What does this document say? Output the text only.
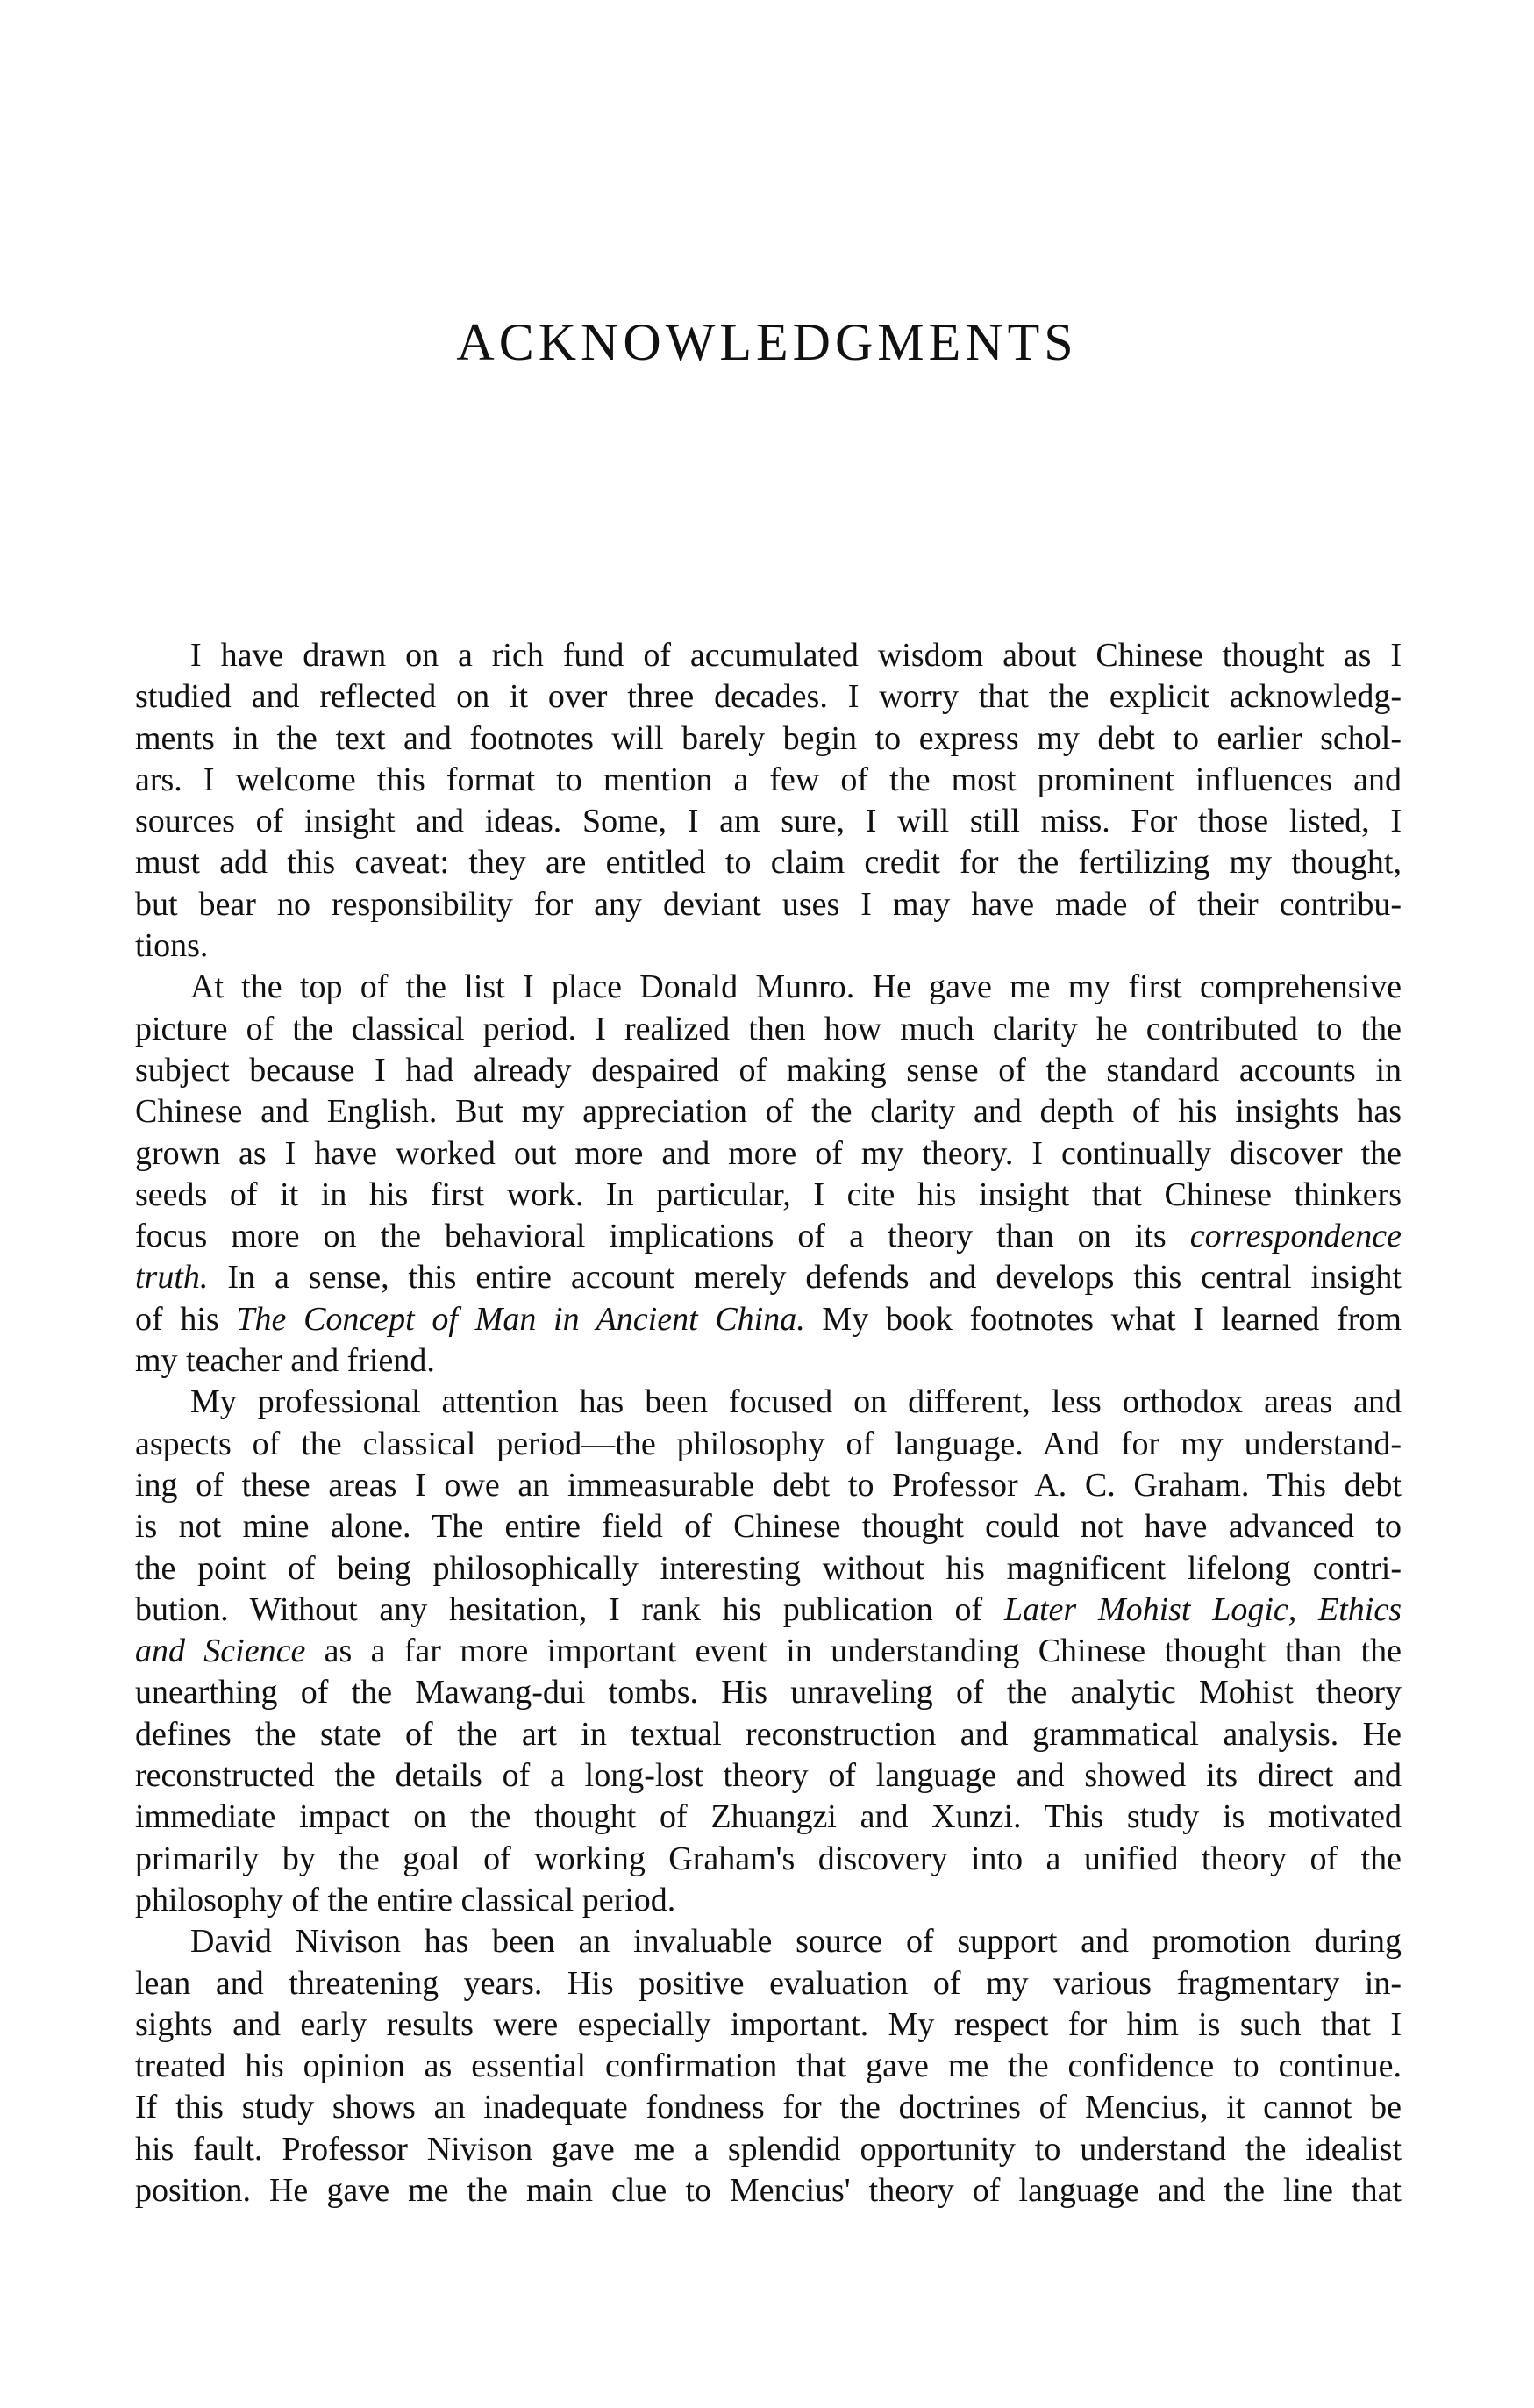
ACKNOWLEDGMENTS
I have drawn on a rich fund of accumulated wisdom about Chinese thought as I
studied and reflected on it over three decades. I worry that the explicit acknowledg-
ments in the text and footnotes will barely begin to express my debt to earlier schol-
ars. I welcome this format to mention a few of the most prominent influences and
sources of insight and ideas. Some, I am sure, I will still miss. For those listed, I
must add this caveat: they are entitled to claim credit for the fertilizing my thought,
but bear no responsibility for any deviant uses I may have made of their contribu-
tions.
At the top of the list I place Donald Munro. He gave me my first comprehensive
picture of the classical period. I realized then how much clarity he contributed to the
subject because I had already despaired of making sense of the standard accounts in
Chinese and English. But my appreciation of the clarity and depth of his insights has
grown as I have worked out more and more of my theory. I continually discover the
seeds of it in his first work. In particular, I cite his insight that Chinese thinkers
focus more on the behavioral implications of a theory than on its correspondence
truth. In a sense, this entire account merely defends and develops this central insight
of his The Concept of Man in Ancient China. My book footnotes what I learned from
my teacher and friend.
My professional attention has been focused on different, less orthodox areas and
aspects of the classical period—the philosophy of language. And for my understand-
ing of these areas I owe an immeasurable debt to Professor A. C. Graham. This debt
is not mine alone. The entire field of Chinese thought could not have advanced to
the point of being philosophically interesting without his magnificent lifelong contri-
bution. Without any hesitation, I rank his publication of Later Mohist Logic, Ethics
and Science as a far more important event in understanding Chinese thought than the
unearthing of the Mawang-dui tombs. His unraveling of the analytic Mohist theory
defines the state of the art in textual reconstruction and grammatical analysis. He
reconstructed the details of a long-lost theory of language and showed its direct and
immediate impact on the thought of Zhuangzi and Xunzi. This study is motivated
primarily by the goal of working Graham's discovery into a unified theory of the
philosophy of the entire classical period.
David Nivison has been an invaluable source of support and promotion during
lean and threatening years. His positive evaluation of my various fragmentary in-
sights and early results were especially important. My respect for him is such that I
treated his opinion as essential confirmation that gave me the confidence to continue.
If this study shows an inadequate fondness for the doctrines of Mencius, it cannot be
his fault. Professor Nivison gave me a splendid opportunity to understand the idealist
position. He gave me the main clue to Mencius' theory of language and the line that
